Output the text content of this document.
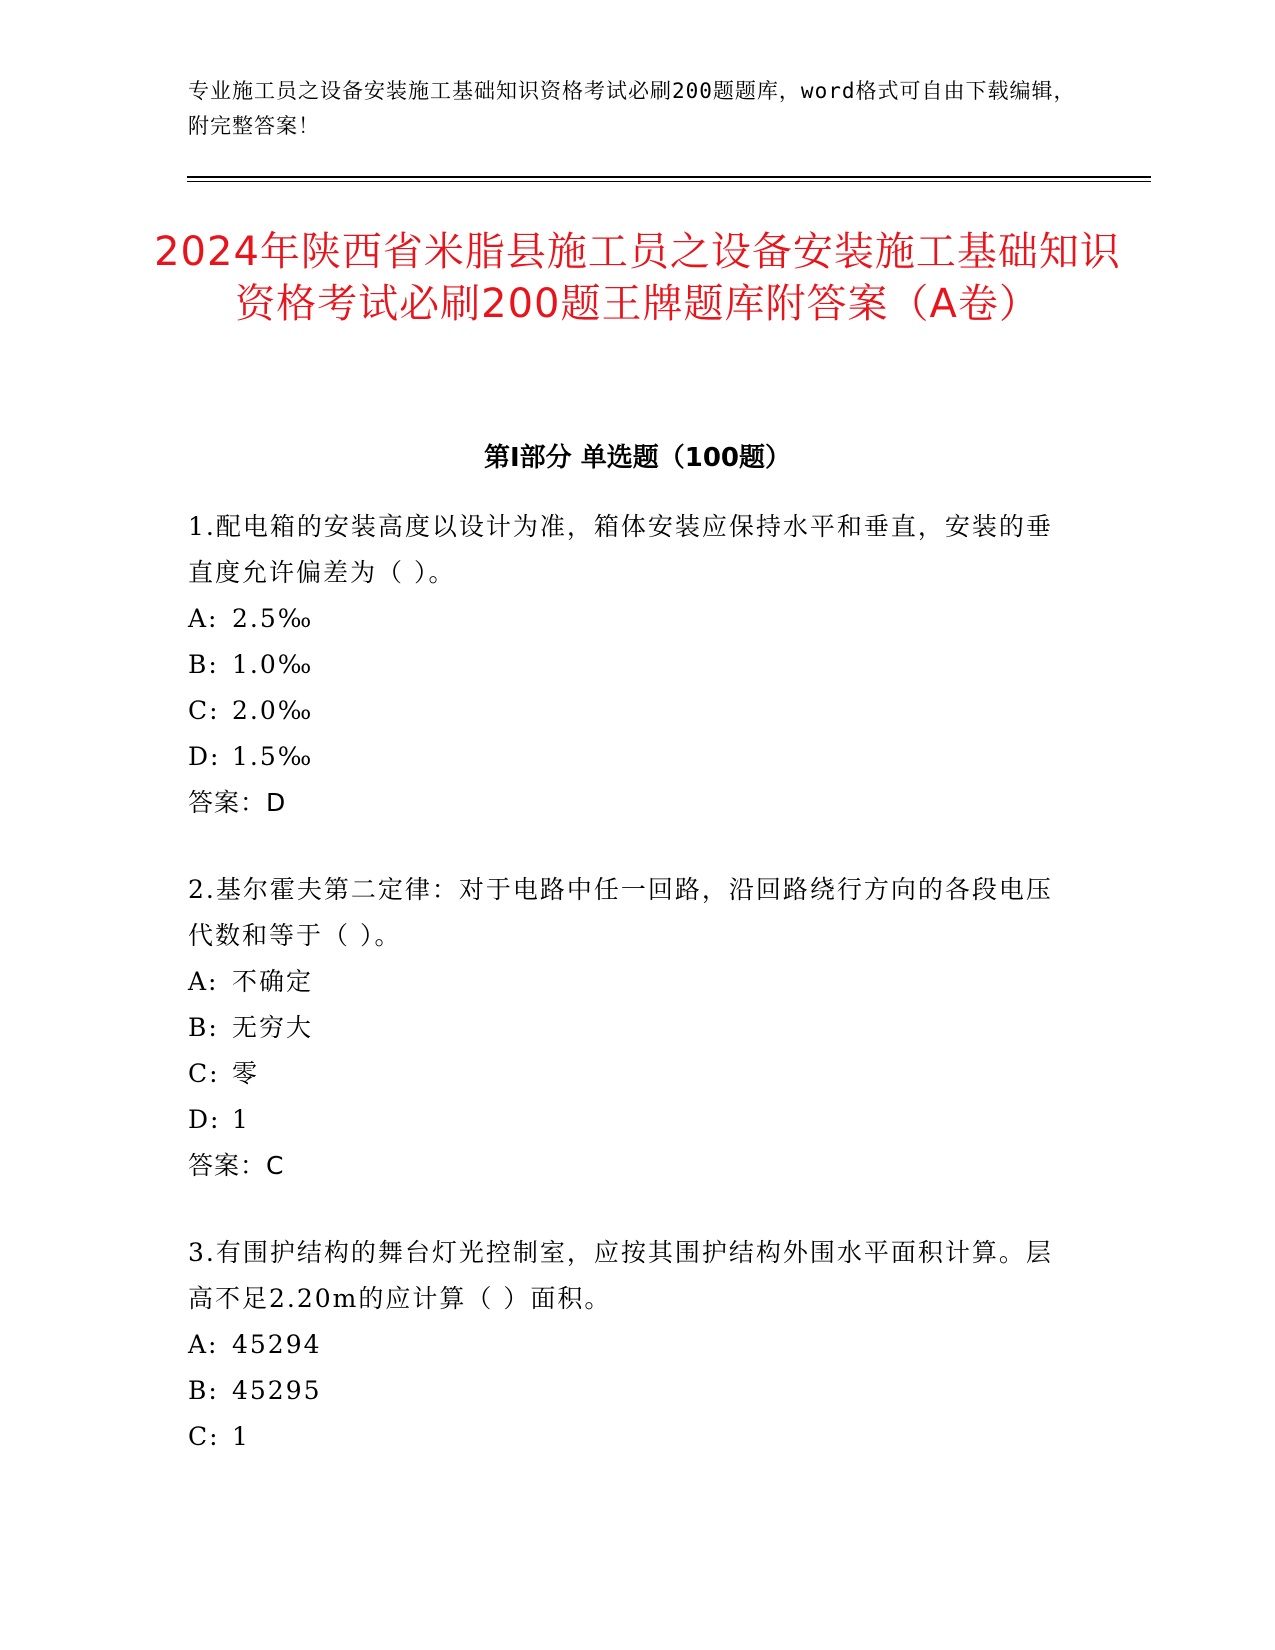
专业施工员之设备安装施工基础知识资格考试必刷200题题库，word格式可自由下载编辑，附完整答案！
2024年陕西省米脂县施工员之设备安装施工基础知识资格考试必刷200题王牌题库附答案（A卷）
第Ⅰ部分 单选题（100题）
1.配电箱的安装高度以设计为准，箱体安装应保持水平和垂直，安装的垂直度允许偏差为（ ）。
A: 2.5‰
B: 1.0‰
C: 2.0‰
D: 1.5‰
答案：D
2.基尔霍夫第二定律：对于电路中任一回路，沿回路绕行方向的各段电压代数和等于（ ）。
A: 不确定
B: 无穷大
C: 零
D: 1
答案：C
3.有围护结构的舞台灯光控制室，应按其围护结构外围水平面积计算。层高不足2.20m的应计算（ ）面积。
A: 45294
B: 45295
C: 1
